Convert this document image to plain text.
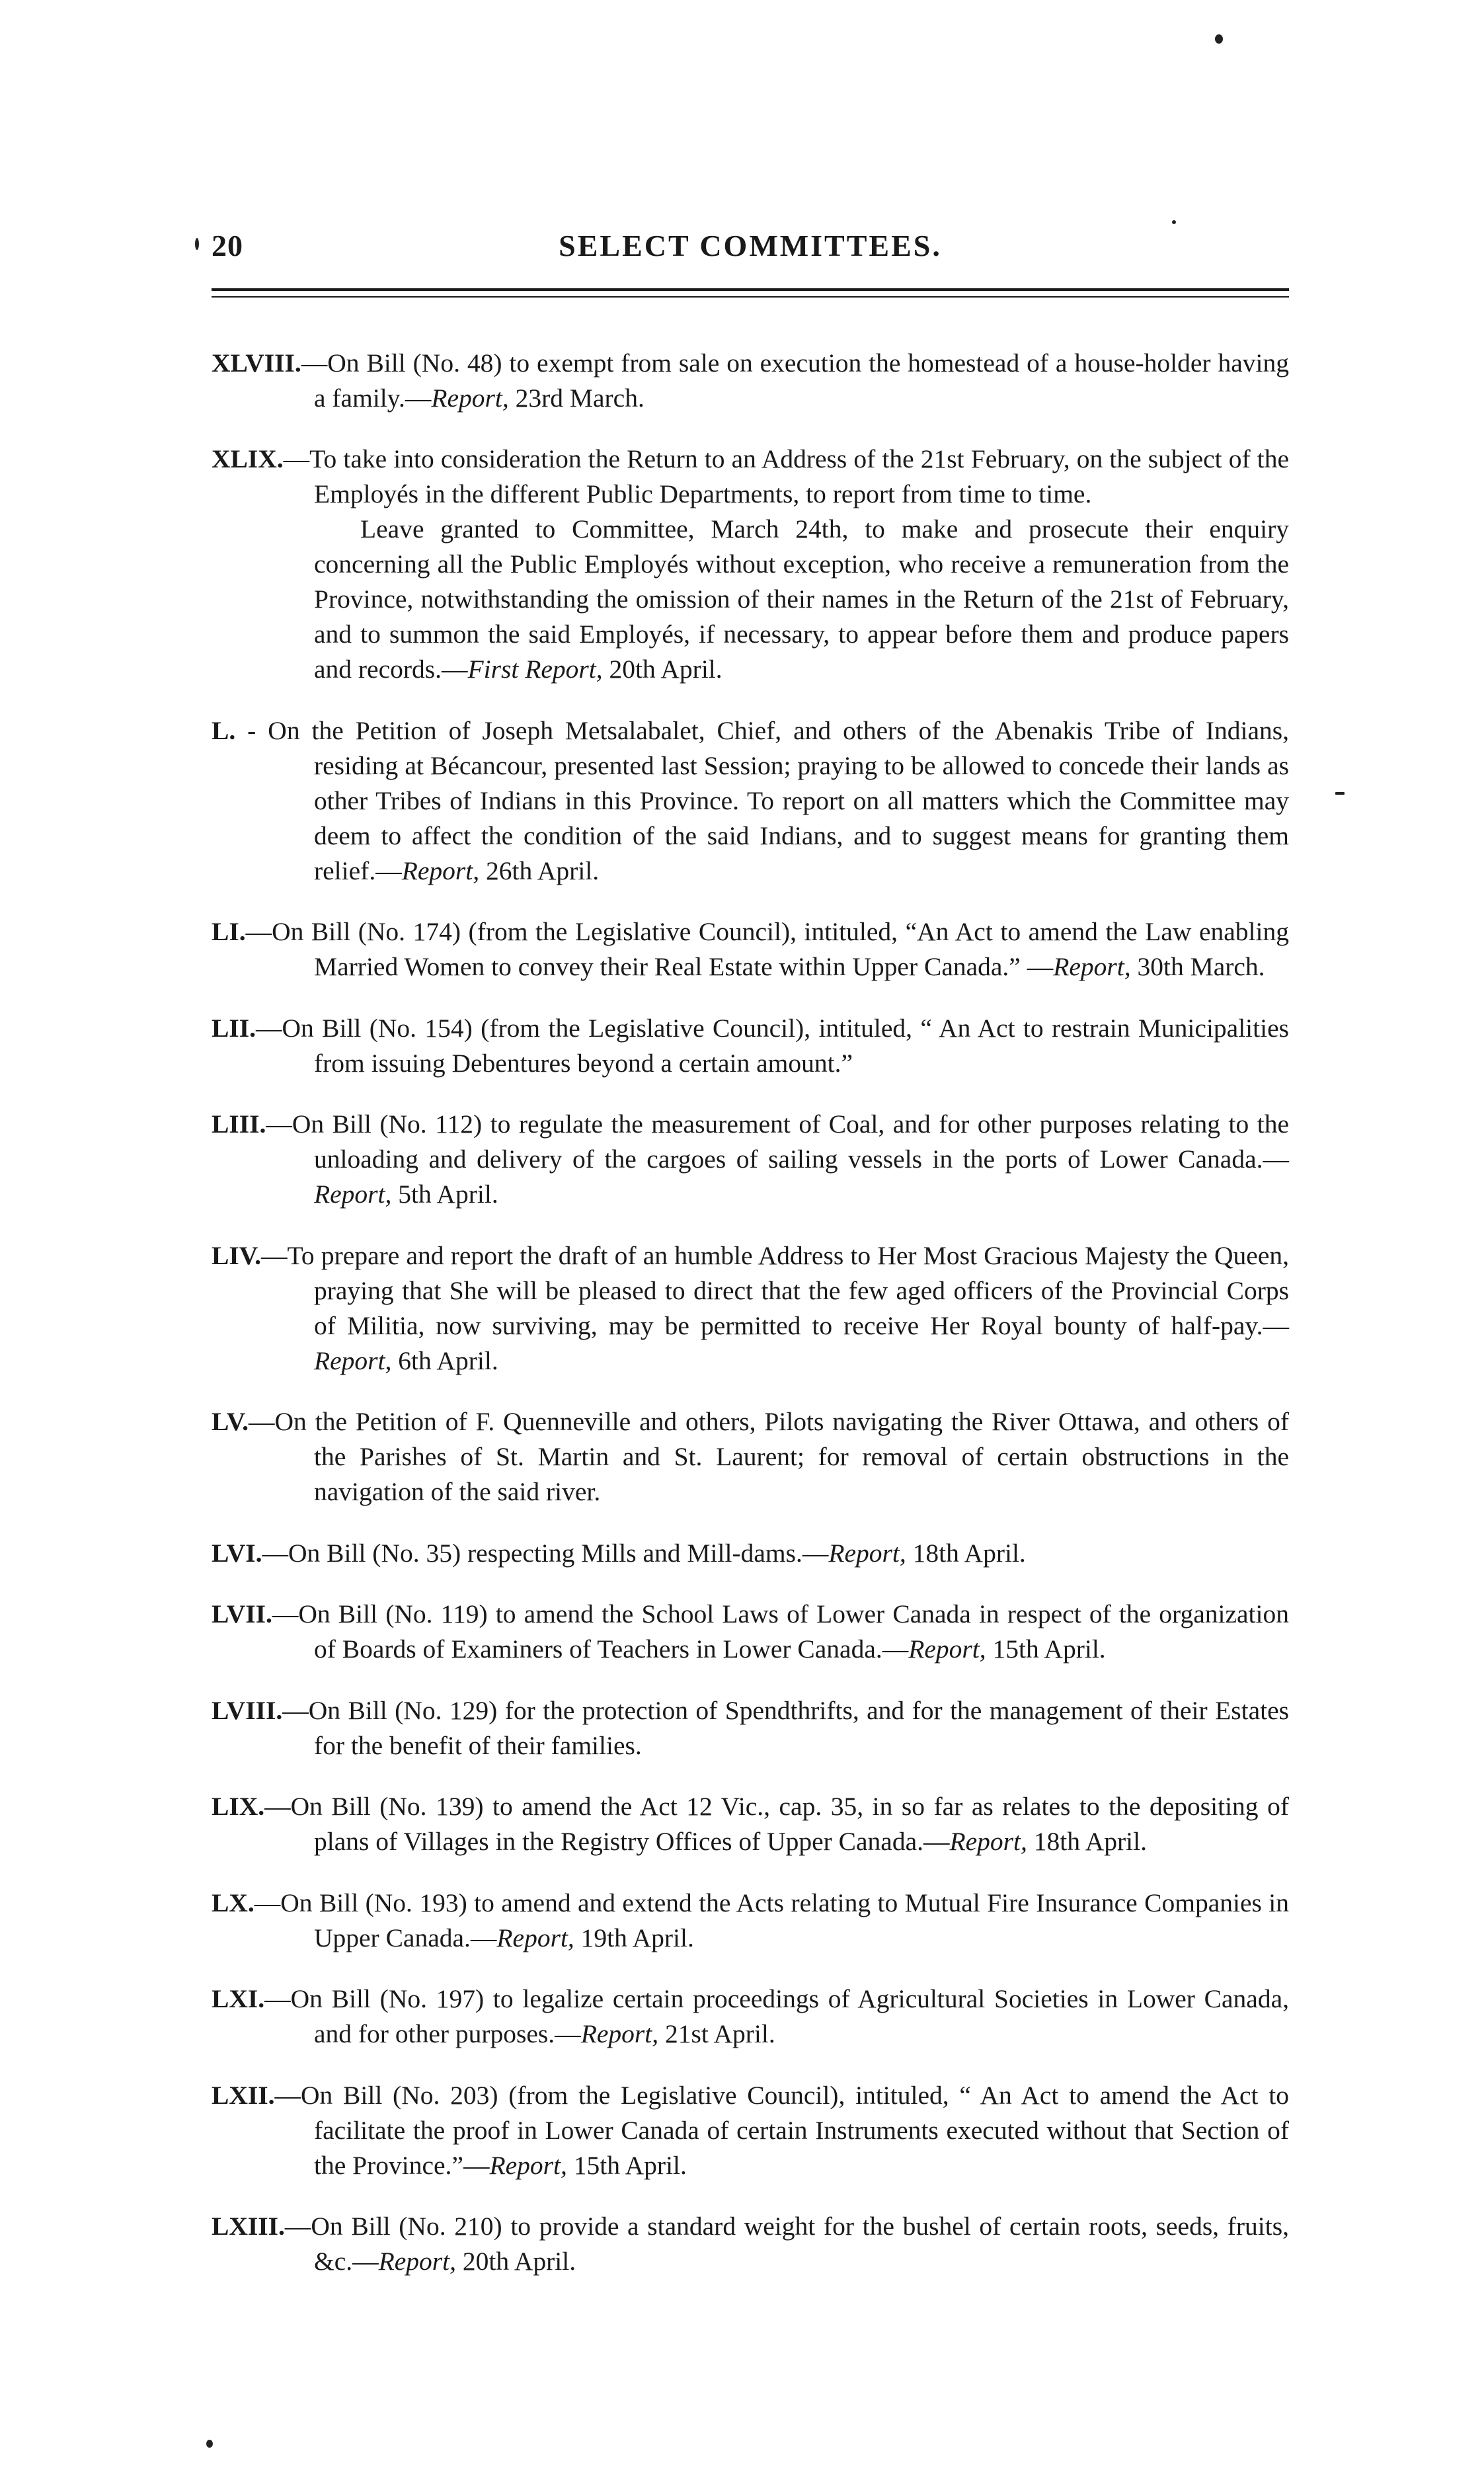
20	SELECT COMMITTEES.

XLVIII.—On Bill (No. 48) to exempt from sale on execution the homestead of a house-holder having a family.—Report, 23rd March.

XLIX.—To take into consideration the Return to an Address of the 21st February, on the subject of the Employés in the different Public Departments, to report from time to time.

Leave granted to Committee, March 24th, to make and prosecute their enquiry concerning all the Public Employés without exception, who receive a remuneration from the Province, notwithstanding the omission of their names in the Return of the 21st of February, and to summon the said Employés, if necessary, to appear before them and produce papers and records.—First Report, 20th April.

L. - On the Petition of Joseph Metsalabalet, Chief, and others of the Abenakis Tribe of Indians, residing at Bécancour, presented last Session; praying to be allowed to concede their lands as other Tribes of Indians in this Province. To report on all matters which the Committee may deem to affect the condition of the said Indians, and to suggest means for granting them relief.—Report, 26th April.

LI.—On Bill (No. 174) (from the Legislative Council), intituled, “An Act to amend the Law enabling Married Women to convey their Real Estate within Upper Canada.” —Report, 30th March.

LII.—On Bill (No. 154) (from the Legislative Council), intituled, “ An Act to restrain Municipalities from issuing Debentures beyond a certain amount.”

LIII.—On Bill (No. 112) to regulate the measurement of Coal, and for other purposes relating to the unloading and delivery of the cargoes of sailing vessels in the ports of Lower Canada.—Report, 5th April.

LIV.—To prepare and report the draft of an humble Address to Her Most Gracious Majesty the Queen, praying that She will be pleased to direct that the few aged officers of the Provincial Corps of Militia, now surviving, may be permitted to receive Her Royal bounty of half-pay.—Report, 6th April.

LV.—On the Petition of F. Quenneville and others, Pilots navigating the River Ottawa, and others of the Parishes of St. Martin and St. Laurent; for removal of certain obstructions in the navigation of the said river.

LVI.—On Bill (No. 35) respecting Mills and Mill-dams.—Report, 18th April.

LVII.—On Bill (No. 119) to amend the School Laws of Lower Canada in respect of the organization of Boards of Examiners of Teachers in Lower Canada.—Report, 15th April.

LVIII.—On Bill (No. 129) for the protection of Spendthrifts, and for the management of their Estates for the benefit of their families.

LIX.—On Bill (No. 139) to amend the Act 12 Vic., cap. 35, in so far as relates to the depositing of plans of Villages in the Registry Offices of Upper Canada.—Report, 18th April.

LX.—On Bill (No. 193) to amend and extend the Acts relating to Mutual Fire Insurance Companies in Upper Canada.—Report, 19th April.

LXI.—On Bill (No. 197) to legalize certain proceedings of Agricultural Societies in Lower Canada, and for other purposes.—Report, 21st April.

LXII.—On Bill (No. 203) (from the Legislative Council), intituled, “ An Act to amend the Act to facilitate the proof in Lower Canada of certain Instruments executed without that Section of the Province.”—Report, 15th April.

LXIII.—On Bill (No. 210) to provide a standard weight for the bushel of certain roots, seeds, fruits, &c.—Report, 20th April.
